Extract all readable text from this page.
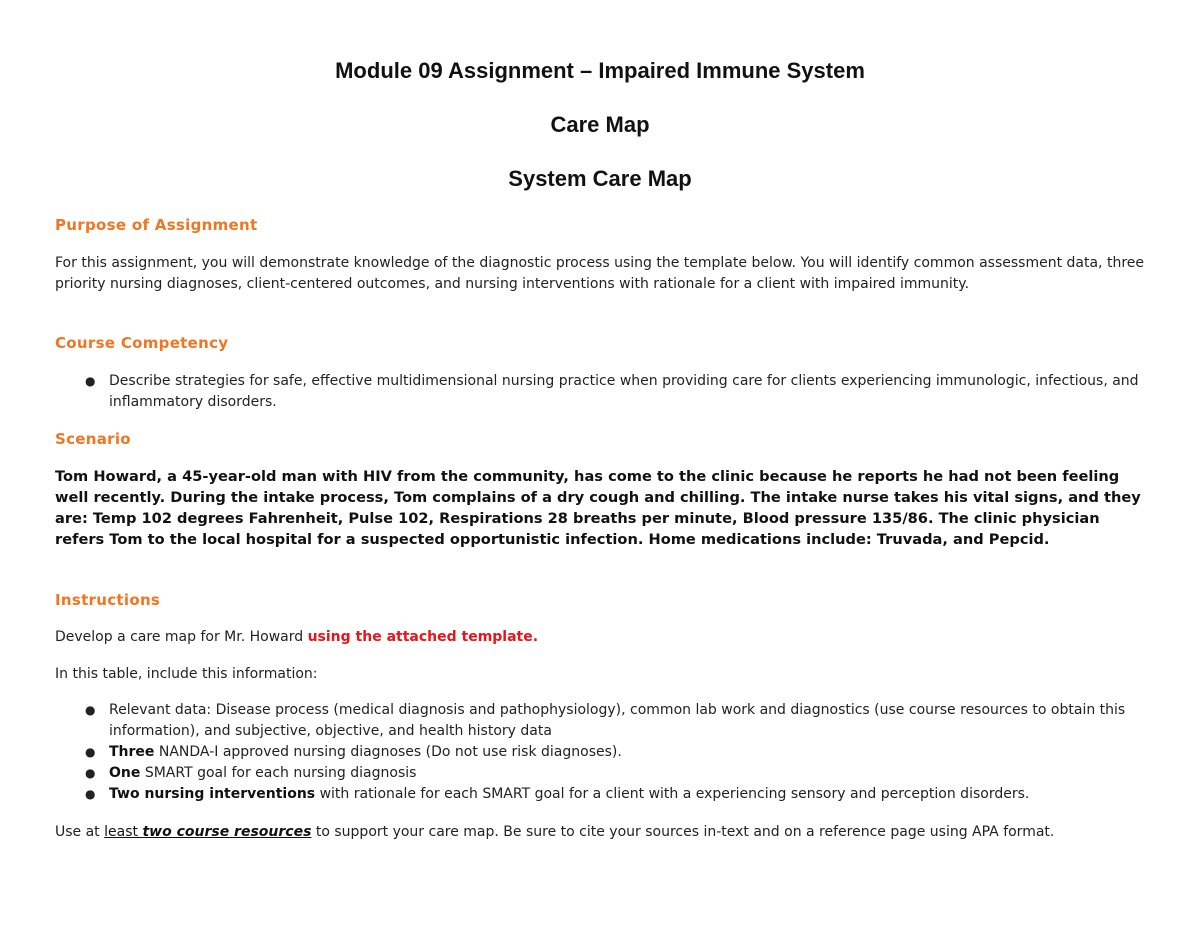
Module 09 Assignment – Impaired Immune System
Care Map
System Care Map
Purpose of Assignment

For this assignment, you will demonstrate knowledge of the diagnostic process using the template below. You will identify common assessment data, three priority nursing diagnoses, client-centered outcomes, and nursing interventions with rationale for a client with impaired immunity.

Course Competency
● Describe strategies for safe, effective multidimensional nursing practice when providing care for clients experiencing immunologic, infectious, and inflammatory disorders.
Scenario

Tom Howard, a 45-year-old man with HIV from the community, has come to the clinic because he reports he had not been feeling well recently. During the intake process, Tom complains of a dry cough and chilling. The intake nurse takes his vital signs, and they are: Temp 102 degrees Fahrenheit, Pulse 102, Respirations 28 breaths per minute, Blood pressure 135/86. The clinic physician refers Tom to the local hospital for a suspected opportunistic infection. Home medications include: Truvada, and Pepcid.

Instructions

Develop a care map for Mr. Howard using the attached template.

In this table, include this information:

● Relevant data: Disease process (medical diagnosis and pathophysiology), common lab work and diagnostics (use course resources to obtain this information), and subjective, objective, and health history data
● Three NANDA-I approved nursing diagnoses (Do not use risk diagnoses).
● One SMART goal for each nursing diagnosis
● Two nursing interventions with rationale for each SMART goal for a client with a experiencing sensory and perception disorders.

Use at least two course resources to support your care map. Be sure to cite your sources in-text and on a reference page using APA format.
